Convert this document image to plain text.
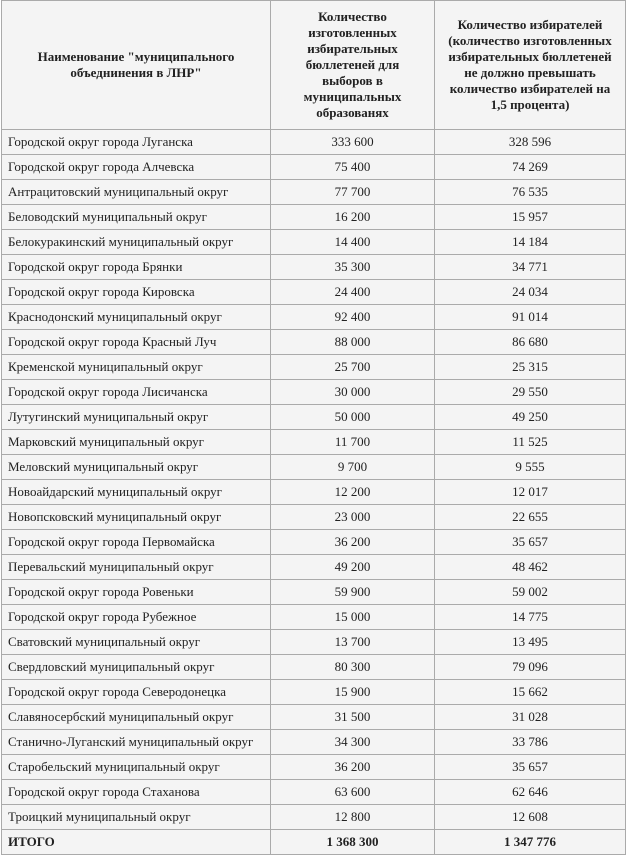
Наименование "муниципального объеднинения в ЛНР"	Количество изготовленных избирательных бюллетеней для выборов в муниципальных образованях	Количество избирателей (количество изготовленных избирательных бюллетеней не должно превышать количество избирателей на 1,5 процента)
Городской округ города Луганска	333 600	328 596
Городской округ города Алчевска	75 400	74 269
Антрацитовский муниципальный округ	77 700	76 535
Беловодский муниципальный округ	16 200	15 957
Белокуракинский муниципальный округ	14 400	14 184
Городской округ города Брянки	35 300	34 771
Городской округ города Кировска	24 400	24 034
Краснодонский муниципальный округ	92 400	91 014
Городской округ города Красный Луч	88 000	86 680
Кременской муниципальный округ	25 700	25 315
Городской округ города Лисичанска	30 000	29 550
Лутугинский муниципальный округ	50 000	49 250
Марковский муниципальный округ	11 700	11 525
Меловский муниципальный округ	9 700	9 555
Новоайдарский муниципальный округ	12 200	12 017
Новопсковский муниципальный округ	23 000	22 655
Городской округ города Первомайска	36 200	35 657
Перевальский муниципальный округ	49 200	48 462
Городской округ города Ровеньки	59 900	59 002
Городской округ города Рубежное	15 000	14 775
Сватовский муниципальный округ	13 700	13 495
Свердловский муниципальный округ	80 300	79 096
Городской округ города Северодонецка	15 900	15 662
Славяносербский муниципальный округ	31 500	31 028
Станично-Луганский муниципальный округ	34 300	33 786
Старобельский муниципальный округ	36 200	35 657
Городской округ города Стаханова	63 600	62 646
Троицкий муниципальный округ	12 800	12 608
ИТОГО	1 368 300	1 347 776
